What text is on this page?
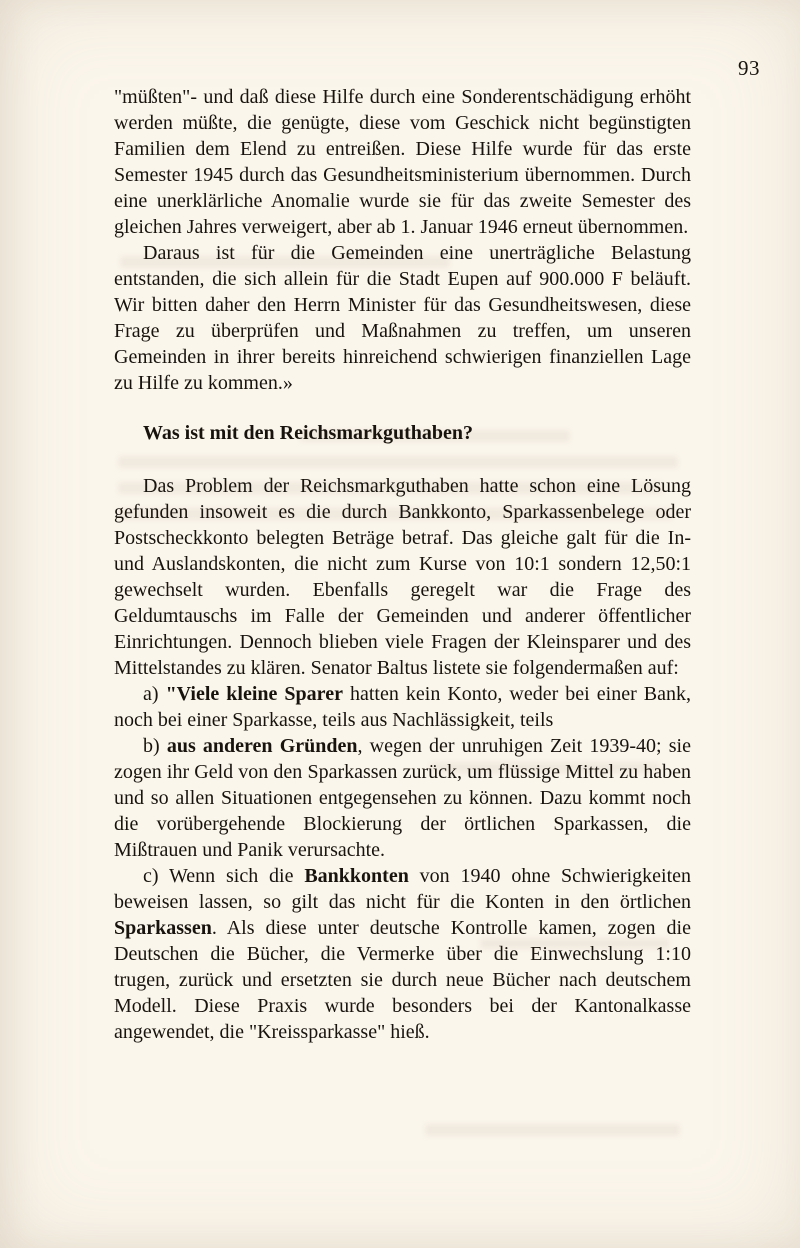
93

"müßten"- und daß diese Hilfe durch eine Sonderentschädigung erhöht werden müßte, die genügte, diese vom Geschick nicht begünstigten Familien dem Elend zu entreißen. Diese Hilfe wurde für das erste Semester 1945 durch das Gesundheitsministerium übernommen. Durch eine unerklärliche Anomalie wurde sie für das zweite Semester des gleichen Jahres verweigert, aber ab 1. Januar 1946 erneut übernommen.

Daraus ist für die Gemeinden eine unerträgliche Belastung entstanden, die sich allein für die Stadt Eupen auf 900.000 F beläuft. Wir bitten daher den Herrn Minister für das Gesundheitswesen, diese Frage zu überprüfen und Maßnahmen zu treffen, um unseren Gemeinden in ihrer bereits hinreichend schwierigen finanziellen Lage zu Hilfe zu kommen.»

Was ist mit den Reichsmarkguthaben?

Das Problem der Reichsmarkguthaben hatte schon eine Lösung gefunden insoweit es die durch Bankkonto, Sparkassenbelege oder Postscheckkonto belegten Beträge betraf. Das gleiche galt für die In- und Auslandskonten, die nicht zum Kurse von 10:1 sondern 12,50:1 gewechselt wurden. Ebenfalls geregelt war die Frage des Geldumtauschs im Falle der Gemeinden und anderer öffentlicher Einrichtungen. Dennoch blieben viele Fragen der Kleinsparer und des Mittelstandes zu klären. Senator Baltus listete sie folgendermaßen auf:

a) "Viele kleine Sparer hatten kein Konto, weder bei einer Bank, noch bei einer Sparkasse, teils aus Nachlässigkeit, teils

b) aus anderen Gründen, wegen der unruhigen Zeit 1939-40; sie zogen ihr Geld von den Sparkassen zurück, um flüssige Mittel zu haben und so allen Situationen entgegensehen zu können. Dazu kommt noch die vorübergehende Blockierung der örtlichen Sparkassen, die Mißtrauen und Panik verursachte.

c) Wenn sich die Bankkonten von 1940 ohne Schwierigkeiten beweisen lassen, so gilt das nicht für die Konten in den örtlichen Sparkassen. Als diese unter deutsche Kontrolle kamen, zogen die Deutschen die Bücher, die Vermerke über die Einwechslung 1:10 trugen, zurück und ersetzten sie durch neue Bücher nach deutschem Modell. Diese Praxis wurde besonders bei der Kantonalkasse angewendet, die "Kreissparkasse" hieß.
